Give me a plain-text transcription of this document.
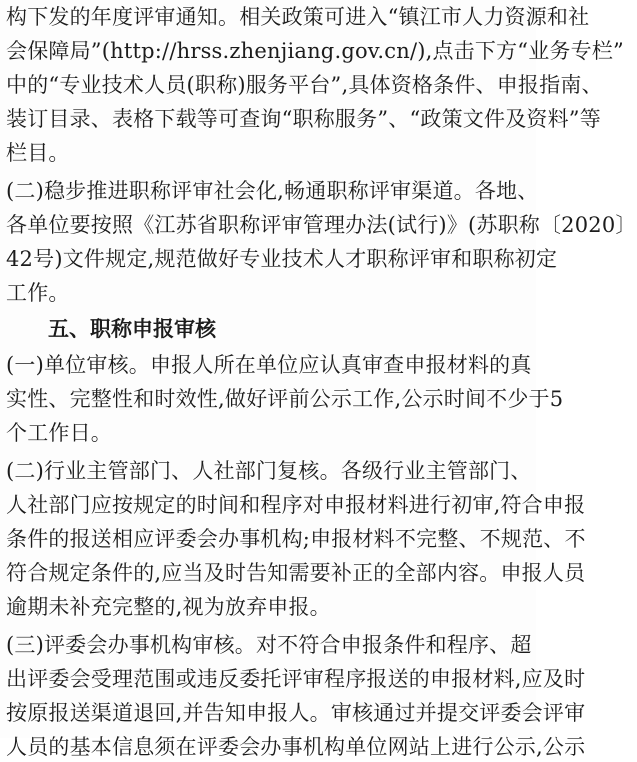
构下发的年度评审通知。相关政策可进入“镇江市人力资源和社
会保障局”(http://hrss.zhenjiang.gov.cn/),点击下方“业务专栏”
中的“专业技术人员(职称)服务平台”,具体资格条件、申报指南、
装订目录、表格下载等可查询“职称服务”、“政策文件及资料”等
栏目。
(二)稳步推进职称评审社会化,畅通职称评审渠道。各地、
各单位要按照《江苏省职称评审管理办法(试行)》(苏职称〔2020〕
42号)文件规定,规范做好专业技术人才职称评审和职称初定
工作。
五、职称申报审核
(一)单位审核。申报人所在单位应认真审查申报材料的真
实性、完整性和时效性,做好评前公示工作,公示时间不少于5
个工作日。
(二)行业主管部门、人社部门复核。各级行业主管部门、
人社部门应按规定的时间和程序对申报材料进行初审,符合申报
条件的报送相应评委会办事机构;申报材料不完整、不规范、不
符合规定条件的,应当及时告知需要补正的全部内容。申报人员
逾期未补充完整的,视为放弃申报。
(三)评委会办事机构审核。对不符合申报条件和程序、超
出评委会受理范围或违反委托评审程序报送的申报材料,应及时
按原报送渠道退回,并告知申报人。审核通过并提交评委会评审
人员的基本信息须在评委会办事机构单位网站上进行公示,公示
